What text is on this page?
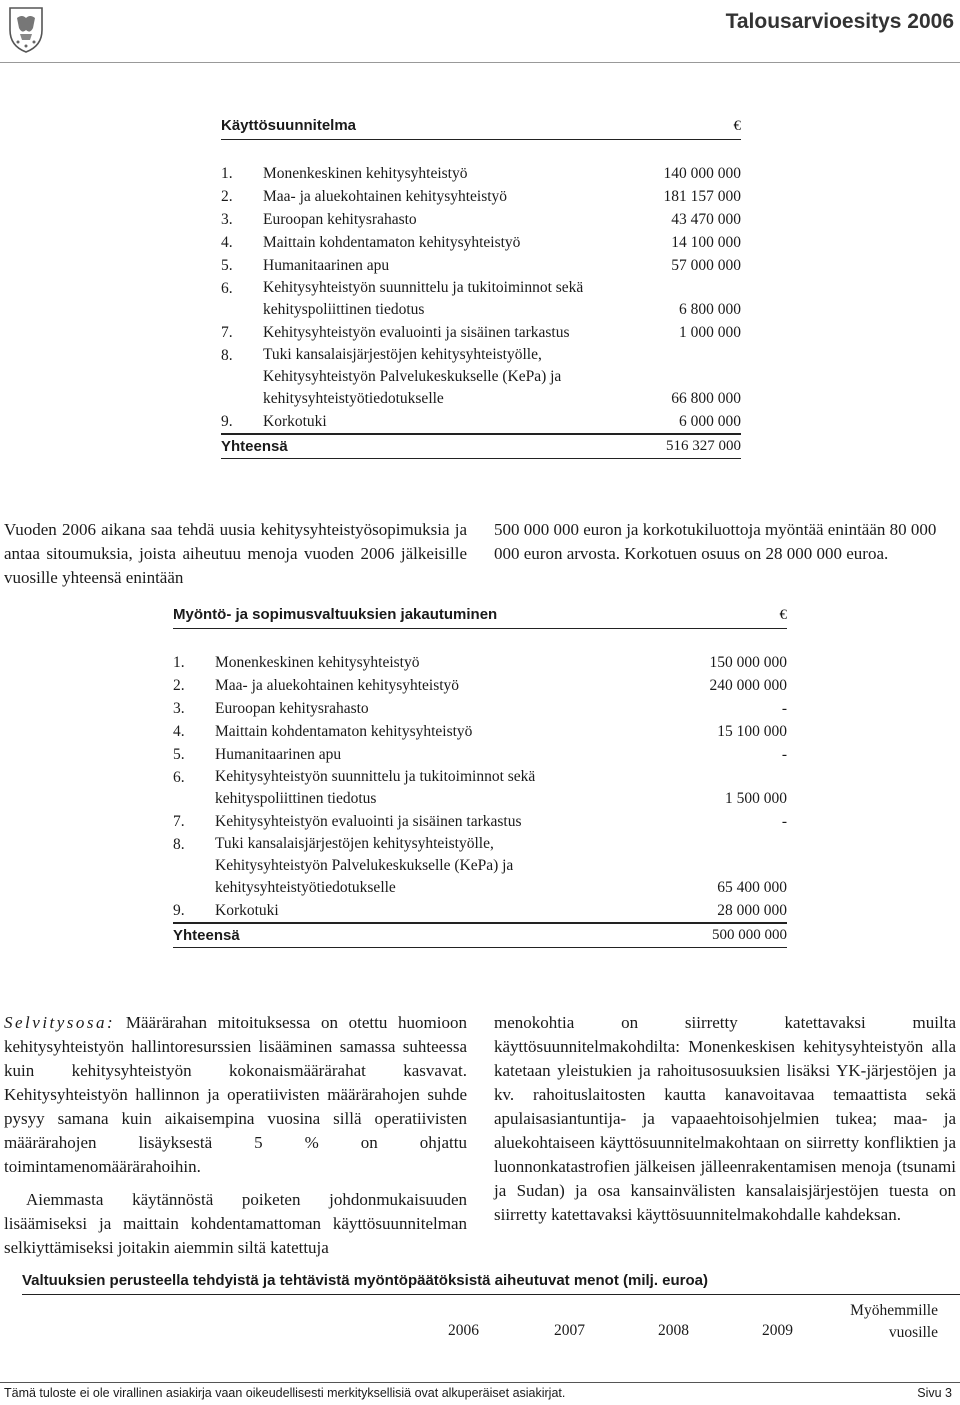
Talousarvioesitys 2006
Käyttösuunnitelma		€

1.	Monenkeskinen kehitysyhteistyö	140 000 000
2.	Maa- ja aluekohtainen kehitysyhteistyö	181 157 000
3.	Euroopan kehitysrahasto	43 470 000
4.	Maittain kohdentamaton kehitysyhteistyö	14 100 000
5.	Humanitaarinen apu	57 000 000
6.	Kehitysyhteistyön suunnittelu ja tukitoiminnot sekä kehityspoliittinen tiedotus	6 800 000
7.	Kehitysyhteistyön evaluointi ja sisäinen tarkastus	1 000 000
8.	Tuki kansalaisjärjestöjen kehitysyhteistyölle, Kehitysyhteistyön Palvelukeskukselle (KePa) ja kehitysyhteistyötiedotukselle	66 800 000
9.	Korkotuki	6 000 000
Yhteensä		516 327 000

Vuoden 2006 aikana saa tehdä uusia kehitysyhteistyösopimuksia ja antaa sitoumuksia, joista aiheutuu menoja vuoden 2006 jälkeisille vuosille yhteensä enintään

500 000 000 euron ja korkotukiluottoja myöntää enintään 80 000 000 euron arvosta. Korkotuen osuus on 28 000 000 euroa.

Myöntö- ja sopimusvaltuuksien jakautuminen		€

1.	Monenkeskinen kehitysyhteistyö	150 000 000
2.	Maa- ja aluekohtainen kehitysyhteistyö	240 000 000
3.	Euroopan kehitysrahasto	-
4.	Maittain kohdentamaton kehitysyhteistyö	15 100 000
5.	Humanitaarinen apu	-
6.	Kehitysyhteistyön suunnittelu ja tukitoiminnot sekä kehityspoliittinen tiedotus	1 500 000
7.	Kehitysyhteistyön evaluointi ja sisäinen tarkastus	-
8.	Tuki kansalaisjärjestöjen kehitysyhteistyölle, Kehitysyhteistyön Palvelukeskukselle (KePa) ja kehitysyhteistyötiedotukselle	65 400 000
9.	Korkotuki	28 000 000
Yhteensä		500 000 000
Selvitysosa: Määrärahan mitoituksessa on otettu huomioon kehitysyhteistyön hallintoresurssien lisääminen samassa suhteessa kuin kehitysyhteistyön kokonaismäärärahat kasvavat. Kehitysyhteistyön hallinnon ja operatiivisten määrärahojen suhde pysyy samana kuin aikaisempina vuosina sillä operatiivisten määrärahojen lisäyksestä 5 % on ohjattu toimintamenomäärärahoihin.

Aiemmasta käytännöstä poiketen johdonmukaisuuden lisäämiseksi ja maittain kohdentamattoman käyttösuunnitelman selkiyttämiseksi joitakin aiemmin siltä katettuja

menokohtia on siirretty katettavaksi muilta käyttösuunnitelmakohdilta: Monenkeskisen kehitysyhteistyön alla katetaan yleistukien ja rahoitusosuuksien lisäksi YK-järjestöjen ja kv. rahoituslaitosten kautta kanavoitavaa temaattista sekä apulaisasiantuntija- ja vapaaehtoisohjelmien tukea; maa- ja aluekohtaiseen käyttösuunnitelmakohtaan on siirretty konfliktien ja luonnonkatastrofien jälkeisen jälleenrakentamisen menoja (tsunami ja Sudan) ja osa kansainvälisten kansalaisjärjestöjen tuesta on siirretty katettavaksi käyttösuunnitelmakohdalle kahdeksan.

Valtuuksien perusteella tehdyistä ja tehtävistä myöntöpäätöksistä aiheutuvat menot (milj. euroa)
2006	2007	2008	2009
Myöhemmille
vuosille
Tämä tuloste ei ole virallinen asiakirja vaan oikeudellisesti merkityksellisiä ovat alkuperäiset asiakirjat.	Sivu 3
